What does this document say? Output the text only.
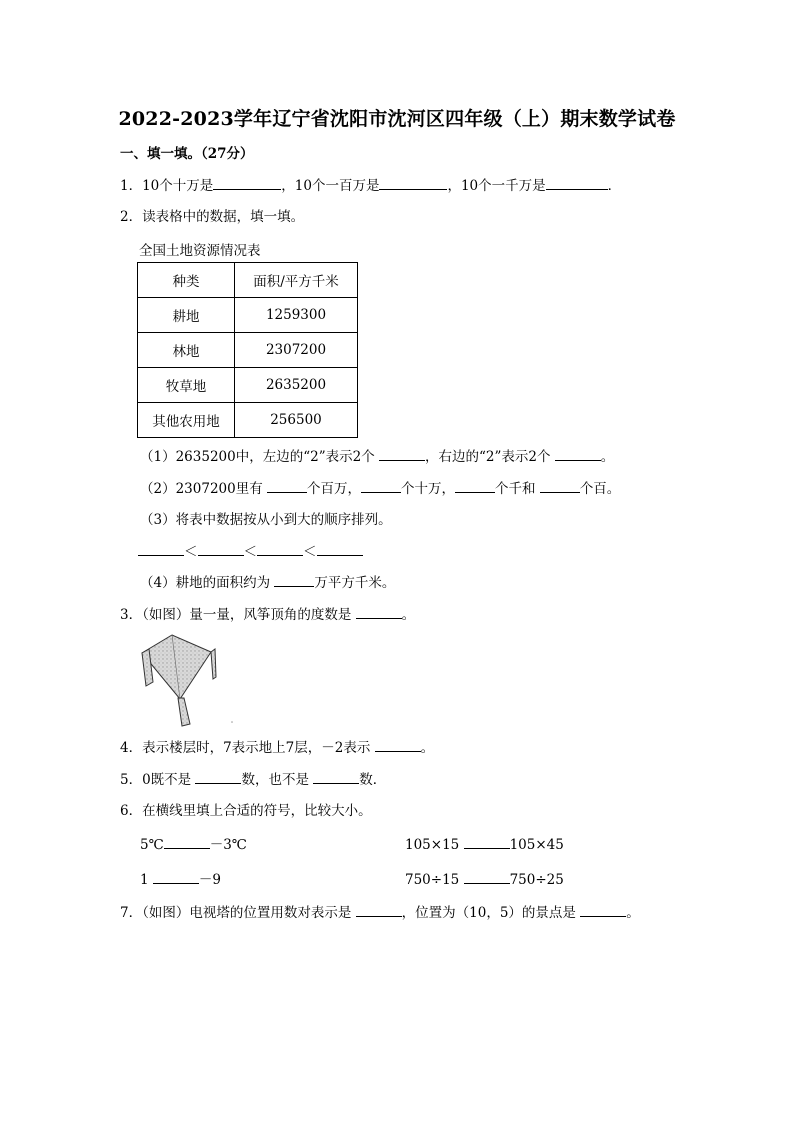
2022-2023学年辽宁省沈阳市沈河区四年级（上）期末数学试卷
一、填一填。（27分）
1．10个十万是	，10个一百万是	，10个一千万是	．
2．读表格中的数据，填一填。
全国土地资源情况表
种类	面积/平方千米
耕地	1259300
林地	2307200
牧草地	2635200
其他农用地	256500
（1）2635200中，左边的“2”表示2个	，右边的“2”表示2个	。
（2）2307200里有	个百万，	个十万，	个千和	个百。
（3）将表中数据按从小到大的顺序排列。
＜	＜	＜
（4）耕地的面积约为	万平方千米。
3．（如图）量一量，风筝顶角的度数是	。
4．表示楼层时，7表示地上7层，－2表示	。
5．0既不是	数，也不是	数．
6．在横线里填上合适的符号，比较大小。
5℃	－3℃	105×15	105×45
1	－9	750÷15	750÷25
7．（如图）电视塔的位置用数对表示是	，位置为（10，5）的景点是	。
